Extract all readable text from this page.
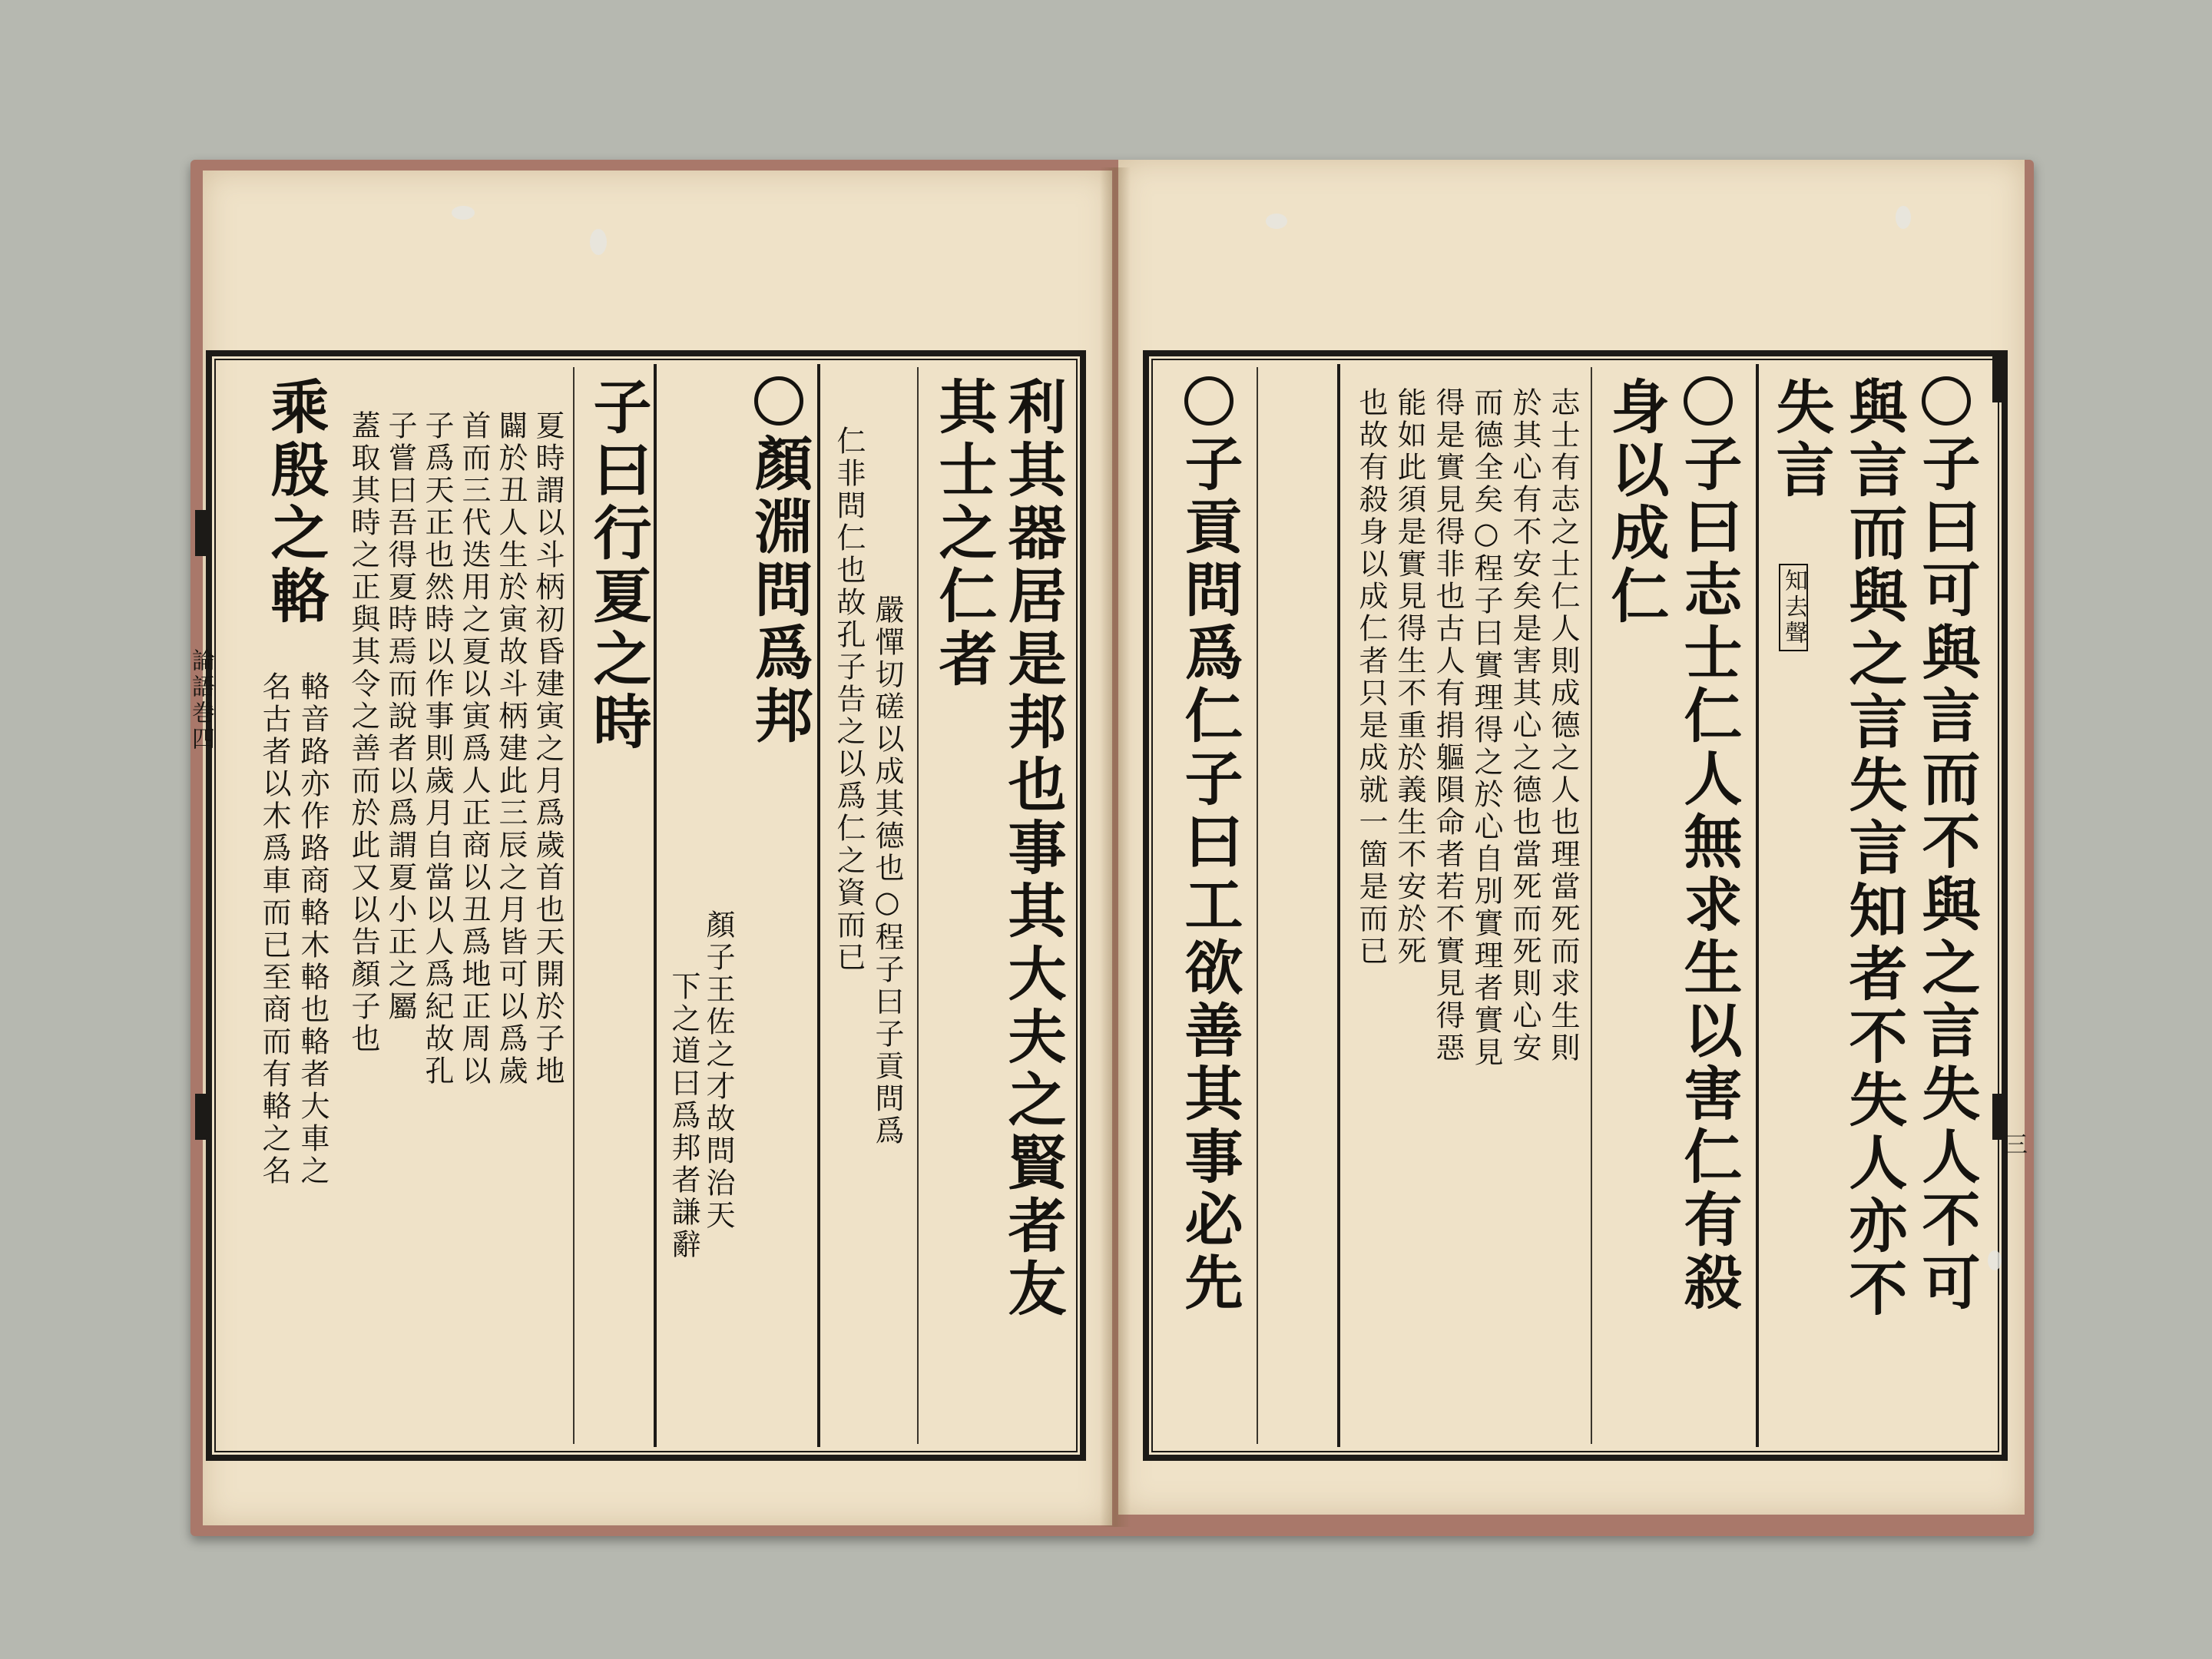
論語巻四	利其器居是邦也事其大夫之賢者友
其士之仁者
嚴憚切磋以成其德也○程子曰子貢問爲
仁非問仁也故孔子告之以爲仁之資而已
顏淵問爲邦
顏子王佐之才故問治天
下之道曰爲邦者謙辭
子曰行夏之時
夏時謂以斗柄初昏建寅之月爲歲首也天開於子地
闢於丑人生於寅故斗柄建此三辰之月皆可以爲歲
首而三代迭用之夏以寅爲人正商以丑爲地正周以
子爲天正也然時以作事則歲月自當以人爲紀故孔
子嘗曰吾得夏時焉而說者以爲謂夏小正之屬
蓋取其時之正與其令之善而於此又以告顏子也
乘殷之輅
輅音路亦作路商輅木輅也輅者大車之
名古者以木爲車而已至商而有輅之名	三
子曰可與言而不與之言失人不可
與言而與之言失言知者不失人亦不
失言
知去聲
子曰志士仁人無求生以害仁有殺
身以成仁
志士有志之士仁人則成德之人也理當死而求生則
於其心有不安矣是害其心之德也當死而死則心安
而德全矣○程子曰實理得之於心自別實理者實見
得是實見得非也古人有捐軀隕命者若不實見得惡
能如此須是實見得生不重於義生不安於死
也故有殺身以成仁者只是成就一箇是而已
子貢問爲仁子曰工欲善其事必先
